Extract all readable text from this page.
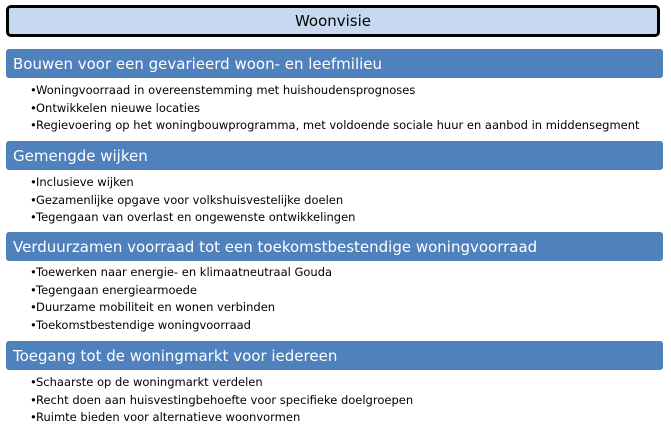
Woonvisie
Bouwen voor een gevarieerd woon- en leefmilieu
• Woningvoorraad in overeenstemming met huishoudensprognoses
• Ontwikkelen nieuwe locaties
• Regievoering op het woningbouwprogramma, met voldoende sociale huur en aanbod in middensegment
Gemengde wijken
• Inclusieve wijken
• Gezamenlijke opgave voor volkshuisvestelijke doelen
• Tegengaan van overlast en ongewenste ontwikkelingen
Verduurzamen voorraad tot een toekomstbestendige woningvoorraad
• Toewerken naar energie- en klimaatneutraal Gouda
• Tegengaan energiearmoede
• Duurzame mobiliteit en wonen verbinden
• Toekomstbestendige woningvoorraad
Toegang tot de woningmarkt voor iedereen
• Schaarste op de woningmarkt verdelen
• Recht doen aan huisvestingbehoefte voor specifieke doelgroepen
• Ruimte bieden voor alternatieve woonvormen
